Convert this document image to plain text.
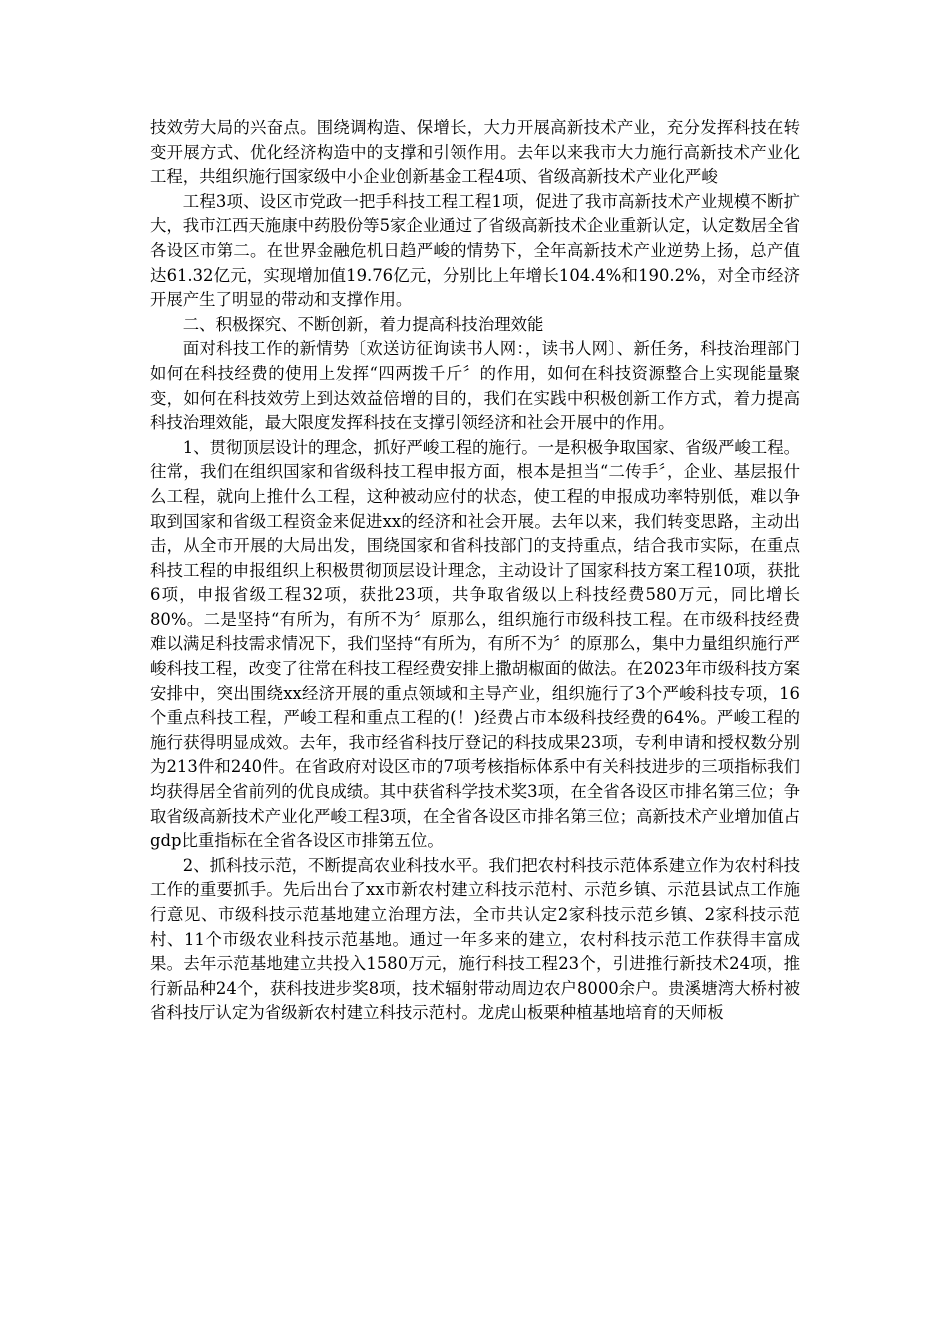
技效劳大局的兴奋点。围绕调构造、保增长，大力开展高新技术产业，充分发挥科技在转变开展方式、优化经济构造中的支撑和引领作用。去年以来我市大力施行高新技术产业化工程，共组织施行国家级中小企业创新基金工程4项、省级高新技术产业化严峻

工程3项、设区市党政一把手科技工程工程1项，促进了我市高新技术产业规模不断扩大，我市江西天施康中药股份等5家企业通过了省级高新技术企业重新认定，认定数居全省各设区市第二。在世界金融危机日趋严峻的情势下，全年高新技术产业逆势上扬，总产值达61.32亿元，实现增加值19.76亿元，分别比上年增长104.4%和190.2%，对全市经济开展产生了明显的带动和支撑作用。

二、积极探究、不断创新，着力提高科技治理效能

面对科技工作的新情势〔欢送访征询读书人网：，读书人网〕、新任务，科技治理部门如何在科技经费的使用上发挥“四两拨千斤〞的作用，如何在科技资源整合上实现能量聚变，如何在科技效劳上到达效益倍增的目的，我们在实践中积极创新工作方式，着力提高科技治理效能，最大限度发挥科技在支撑引领经济和社会开展中的作用。

1、贯彻顶层设计的理念，抓好严峻工程的施行。一是积极争取国家、省级严峻工程。往常，我们在组织国家和省级科技工程申报方面，根本是担当“二传手〞，企业、基层报什么工程，就向上推什么工程，这种被动应付的状态，使工程的申报成功率特别低，难以争取到国家和省级工程资金来促进xx的经济和社会开展。去年以来，我们转变思路，主动出击，从全市开展的大局出发，围绕国家和省科技部门的支持重点，结合我市实际，在重点科技工程的申报组织上积极贯彻顶层设计理念，主动设计了国家科技方案工程10项，获批6项，申报省级工程32项，获批23项，共争取省级以上科技经费580万元，同比增长80%。二是坚持“有所为，有所不为〞原那么，组织施行市级科技工程。在市级科技经费难以满足科技需求情况下，我们坚持“有所为，有所不为〞的原那么，集中力量组织施行严峻科技工程，改变了往常在科技工程经费安排上撒胡椒面的做法。在2023年市级科技方案安排中，突出围绕xx经济开展的重点领域和主导产业，组织施行了3个严峻科技专项，16个重点科技工程，严峻工程和重点工程的(！)经费占市本级科技经费的64%。严峻工程的施行获得明显成效。去年，我市经省科技厅登记的科技成果23项，专利申请和授权数分别为213件和240件。在省政府对设区市的7项考核指标体系中有关科技进步的三项指标我们均获得居全省前列的优良成绩。其中获省科学技术奖3项，在全省各设区市排名第三位；争取省级高新技术产业化严峻工程3项，在全省各设区市排名第三位；高新技术产业增加值占gdp比重指标在全省各设区市排第五位。

2、抓科技示范，不断提高农业科技水平。我们把农村科技示范体系建立作为农村科技工作的重要抓手。先后出台了xx市新农村建立科技示范村、示范乡镇、示范县试点工作施行意见、市级科技示范基地建立治理方法，全市共认定2家科技示范乡镇、2家科技示范村、11个市级农业科技示范基地。通过一年多来的建立，农村科技示范工作获得丰富成果。去年示范基地建立共投入1580万元，施行科技工程23个，引进推行新技术24项，推行新品种24个，获科技进步奖8项，技术辐射带动周边农户8000余户。贵溪塘湾大桥村被省科技厅认定为省级新农村建立科技示范村。龙虎山板栗种植基地培育的天师板
